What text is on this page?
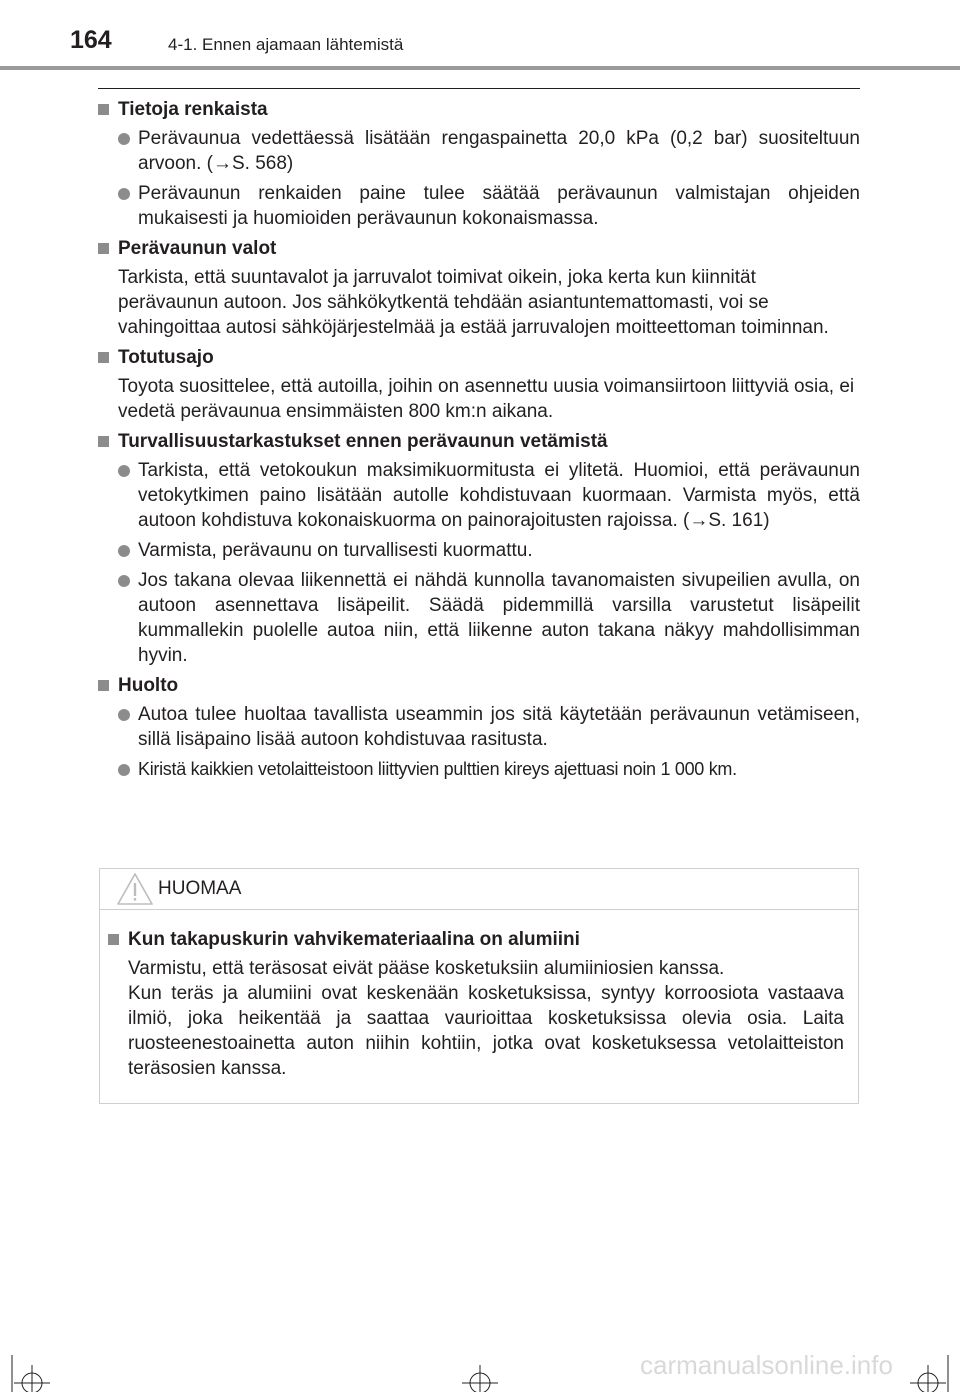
164	4-1. Ennen ajamaan lähtemistä
Tietoja renkaista
Perävaunua vedettäessä lisätään rengaspainetta 20,0 kPa (0,2 bar) suositeltuun arvoon. (→S. 568)
Perävaunun renkaiden paine tulee säätää perävaunun valmistajan ohjeiden mukaisesti ja huomioiden perävaunun kokonaismassa.
Perävaunun valot
Tarkista, että suuntavalot ja jarruvalot toimivat oikein, joka kerta kun kiinnität perävaunun autoon. Jos sähkökytkentä tehdään asiantuntemattomasti, voi se vahingoittaa autosi sähköjärjestelmää ja estää jarruvalojen moitteettoman toiminnan.
Totutusajo
Toyota suosittelee, että autoilla, joihin on asennettu uusia voimansiirtoon liittyviä osia, ei vedetä perävaunua ensimmäisten 800 km:n aikana.
Turvallisuustarkastukset ennen perävaunun vetämistä
Tarkista, että vetokoukun maksimikuormitusta ei ylitetä. Huomioi, että perävaunun vetokytkimen paino lisätään autolle kohdistuvaan kuormaan. Varmista myös, että autoon kohdistuva kokonaiskuorma on painorajoitusten rajoissa. (→S. 161)
Varmista, perävaunu on turvallisesti kuormattu.
Jos takana olevaa liikennettä ei nähdä kunnolla tavanomaisten sivupeilien avulla, on autoon asennettava lisäpeilit. Säädä pidemmillä varsilla varustetut lisäpeilit kummallekin puolelle autoa niin, että liikenne auton takana näkyy mahdollisimman hyvin.
Huolto
Autoa tulee huoltaa tavallista useammin jos sitä käytetään perävaunun vetämiseen, sillä lisäpaino lisää autoon kohdistuvaa rasitusta.
Kiristä kaikkien vetolaitteistoon liittyvien pulttien kireys ajettuasi noin 1 000 km.
HUOMAA
Kun takapuskurin vahvikemateriaalina on alumiini
Varmistu, että teräsosat eivät pääse kosketuksiin alumiiniosien kanssa.
Kun teräs ja alumiini ovat keskenään kosketuksissa, syntyy korroosiota vastaava ilmiö, joka heikentää ja saattaa vaurioittaa kosketuksissa olevia osia. Laita ruosteenestoainetta auton niihin kohtiin, jotka ovat kosketuksessa vetolaitteiston teräsosien kanssa.
carmanualsonline.info
